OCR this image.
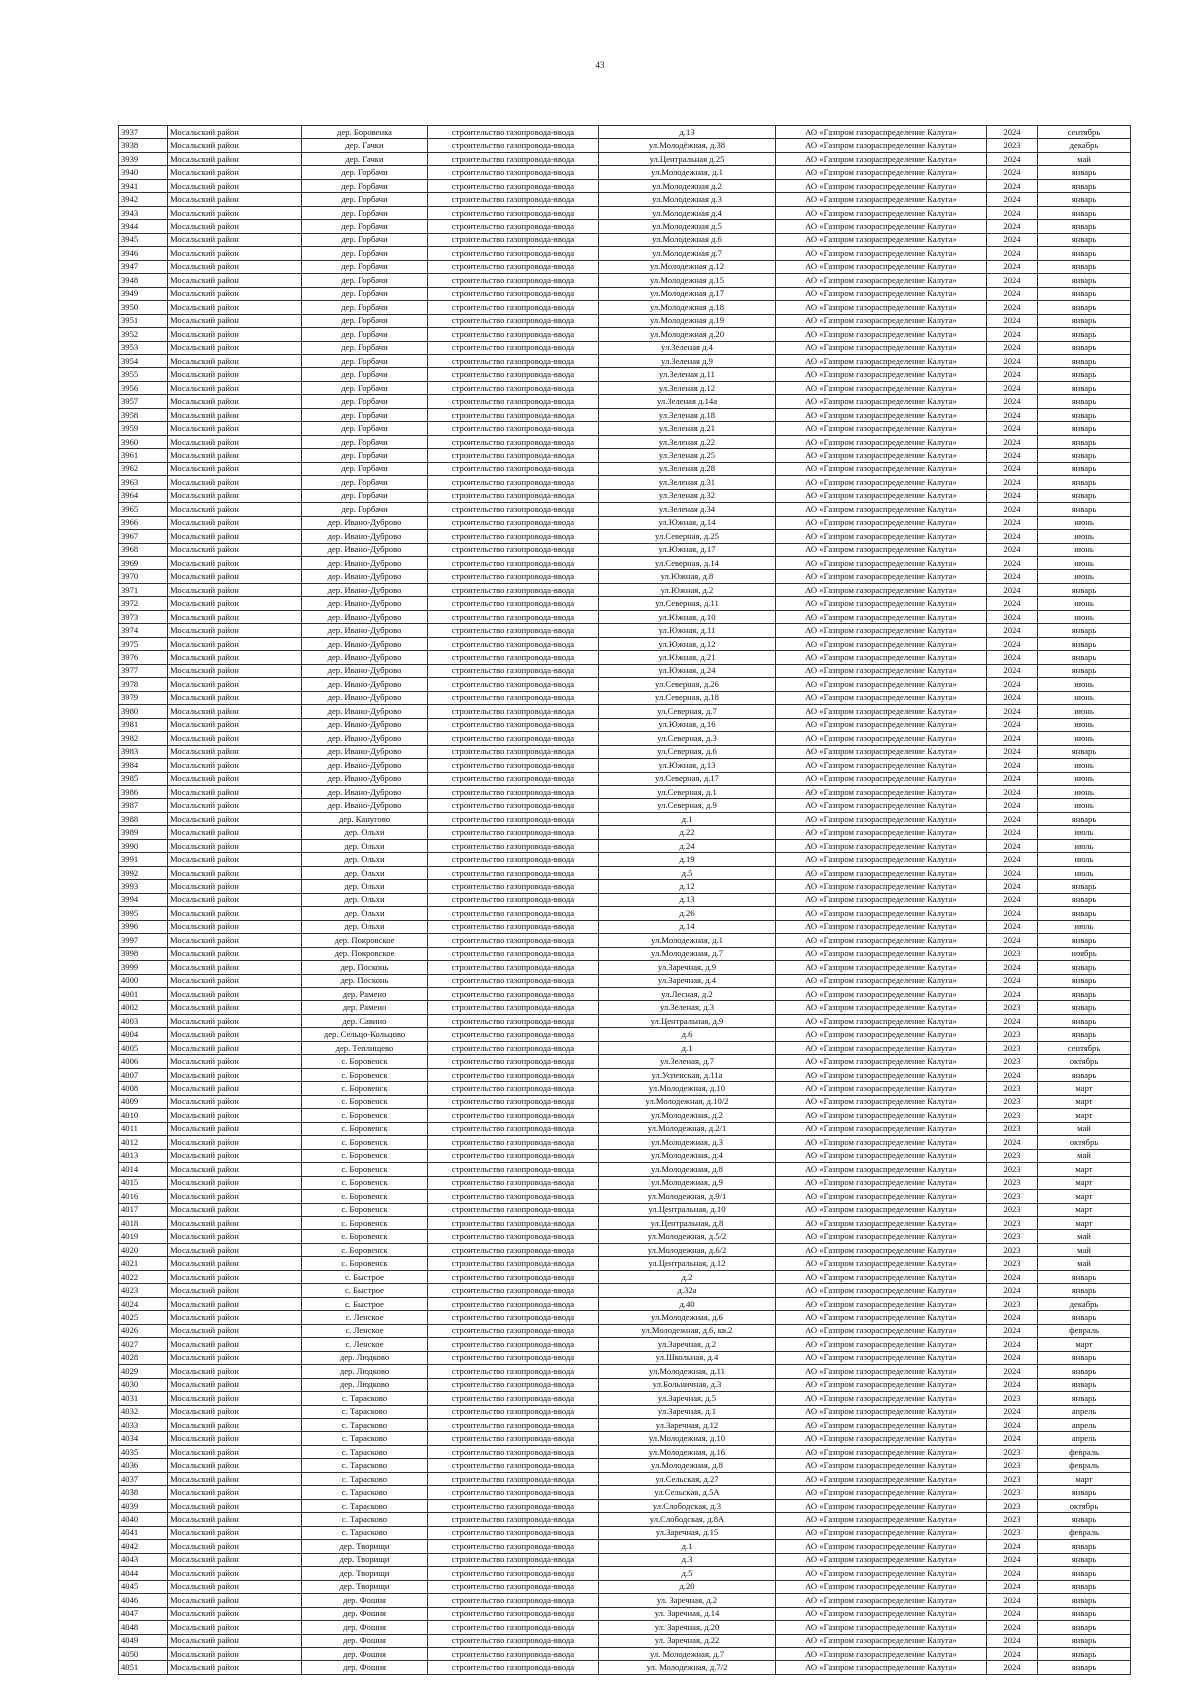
43
3937	Мосальский район	дер. Боровенка	строительство газопровода-ввода	д.13	АО «Газпром газораспределение Калуга»	2024	сентябрь
3938	Мосальский район	дер. Гачки	строительство газопровода-ввода	ул.Молодёжная, д.38	АО «Газпром газораспределение Калуга»	2023	декабрь
3939	Мосальский район	дер. Гачки	строительство газопровода-ввода	ул.Центральная д.25	АО «Газпром газораспределение Калуга»	2024	май
3940	Мосальский район	дер. Горбачи	строительство газопровода-ввода	ул.Молодежная, д.1	АО «Газпром газораспределение Калуга»	2024	январь
3941	Мосальский район	дер. Горбачи	строительство газопровода-ввода	ул.Молодежная д.2	АО «Газпром газораспределение Калуга»	2024	январь
3942	Мосальский район	дер. Горбачи	строительство газопровода-ввода	ул.Молодежная д.3	АО «Газпром газораспределение Калуга»	2024	январь
3943	Мосальский район	дер. Горбачи	строительство газопровода-ввода	ул.Молодежная д.4	АО «Газпром газораспределение Калуга»	2024	январь
3944	Мосальский район	дер. Горбачи	строительство газопровода-ввода	ул.Молодежная д.5	АО «Газпром газораспределение Калуга»	2024	январь
3945	Мосальский район	дер. Горбачи	строительство газопровода-ввода	ул.Молодежная д.6	АО «Газпром газораспределение Калуга»	2024	январь
3946	Мосальский район	дер. Горбачи	строительство газопровода-ввода	ул.Молодежная д.7	АО «Газпром газораспределение Калуга»	2024	январь
3947	Мосальский район	дер. Горбачи	строительство газопровода-ввода	ул.Молодежная д.12	АО «Газпром газораспределение Калуга»	2024	январь
3948	Мосальский район	дер. Горбачи	строительство газопровода-ввода	ул.Молодежная д.15	АО «Газпром газораспределение Калуга»	2024	январь
3949	Мосальский район	дер. Горбачи	строительство газопровода-ввода	ул.Молодежная д.17	АО «Газпром газораспределение Калуга»	2024	январь
3950	Мосальский район	дер. Горбачи	строительство газопровода-ввода	ул.Молодежная д.18	АО «Газпром газораспределение Калуга»	2024	январь
3951	Мосальский район	дер. Горбачи	строительство газопровода-ввода	ул.Молодежная д.19	АО «Газпром газораспределение Калуга»	2024	январь
3952	Мосальский район	дер. Горбачи	строительство газопровода-ввода	ул.Молодежная д.20	АО «Газпром газораспределение Калуга»	2024	январь
3953	Мосальский район	дер. Горбачи	строительство газопровода-ввода	ул.Зеленая д.4	АО «Газпром газораспределение Калуга»	2024	январь
3954	Мосальский район	дер. Горбачи	строительство газопровода-ввода	ул.Зеленая д.9	АО «Газпром газораспределение Калуга»	2024	январь
3955	Мосальский район	дер. Горбачи	строительство газопровода-ввода	ул.Зеленая д.11	АО «Газпром газораспределение Калуга»	2024	январь
3956	Мосальский район	дер. Горбачи	строительство газопровода-ввода	ул.Зеленая д.12	АО «Газпром газораспределение Калуга»	2024	январь
3957	Мосальский район	дер. Горбачи	строительство газопровода-ввода	ул.Зеленая д.14а	АО «Газпром газораспределение Калуга»	2024	январь
3958	Мосальский район	дер. Горбачи	строительство газопровода-ввода	ул.Зеленая д.18	АО «Газпром газораспределение Калуга»	2024	январь
3959	Мосальский район	дер. Горбачи	строительство газопровода-ввода	ул.Зеленая д.21	АО «Газпром газораспределение Калуга»	2024	январь
3960	Мосальский район	дер. Горбачи	строительство газопровода-ввода	ул.Зеленая д.22	АО «Газпром газораспределение Калуга»	2024	январь
3961	Мосальский район	дер. Горбачи	строительство газопровода-ввода	ул.Зеленая д.25	АО «Газпром газораспределение Калуга»	2024	январь
3962	Мосальский район	дер. Горбачи	строительство газопровода-ввода	ул.Зеленая д.28	АО «Газпром газораспределение Калуга»	2024	январь
3963	Мосальский район	дер. Горбачи	строительство газопровода-ввода	ул.Зеленая д.31	АО «Газпром газораспределение Калуга»	2024	январь
3964	Мосальский район	дер. Горбачи	строительство газопровода-ввода	ул.Зеленая д.32	АО «Газпром газораспределение Калуга»	2024	январь
3965	Мосальский район	дер. Горбачи	строительство газопровода-ввода	ул.Зеленая д.34	АО «Газпром газораспределение Калуга»	2024	январь
3966	Мосальский район	дер. Ивано-Дуброво	строительство газопровода-ввода	ул.Южная, д.14	АО «Газпром газораспределение Калуга»	2024	июнь
3967	Мосальский район	дер. Ивано-Дуброво	строительство газопровода-ввода	ул.Северная, д.25	АО «Газпром газораспределение Калуга»	2024	июнь
3968	Мосальский район	дер. Ивано-Дуброво	строительство газопровода-ввода	ул.Южная, д.17	АО «Газпром газораспределение Калуга»	2024	июнь
3969	Мосальский район	дер. Ивано-Дуброво	строительство газопровода-ввода	ул.Северная, д.14	АО «Газпром газораспределение Калуга»	2024	июнь
3970	Мосальский район	дер. Ивано-Дуброво	строительство газопровода-ввода	ул.Южная, д.8	АО «Газпром газораспределение Калуга»	2024	июнь
3971	Мосальский район	дер. Ивано-Дуброво	строительство газопровода-ввода	ул.Южная, д.2	АО «Газпром газораспределение Калуга»	2024	январь
3972	Мосальский район	дер. Ивано-Дуброво	строительство газопровода-ввода	ул.Северная, д.11	АО «Газпром газораспределение Калуга»	2024	июнь
3973	Мосальский район	дер. Ивано-Дуброво	строительство газопровода-ввода	ул.Южная, д.10	АО «Газпром газораспределение Калуга»	2024	июнь
3974	Мосальский район	дер. Ивано-Дуброво	строительство газопровода-ввода	ул.Южная, д.11	АО «Газпром газораспределение Калуга»	2024	январь
3975	Мосальский район	дер. Ивано-Дуброво	строительство газопровода-ввода	ул.Южная, д.12	АО «Газпром газораспределение Калуга»	2024	январь
3976	Мосальский район	дер. Ивано-Дуброво	строительство газопровода-ввода	ул.Южная, д.21	АО «Газпром газораспределение Калуга»	2024	январь
3977	Мосальский район	дер. Ивано-Дуброво	строительство газопровода-ввода	ул.Южная, д.24	АО «Газпром газораспределение Калуга»	2024	январь
3978	Мосальский район	дер. Ивано-Дуброво	строительство газопровода-ввода	ул.Северная, д.26	АО «Газпром газораспределение Калуга»	2024	июнь
3979	Мосальский район	дер. Ивано-Дуброво	строительство газопровода-ввода	ул.Северная, д.18	АО «Газпром газораспределение Калуга»	2024	июнь
3980	Мосальский район	дер. Ивано-Дуброво	строительство газопровода-ввода	ул.Северная, д.7	АО «Газпром газораспределение Калуга»	2024	июнь
3981	Мосальский район	дер. Ивано-Дуброво	строительство газопровода-ввода	ул.Южная, д.16	АО «Газпром газораспределение Калуга»	2024	июнь
3982	Мосальский район	дер. Ивано-Дуброво	строительство газопровода-ввода	ул.Северная, д.3	АО «Газпром газораспределение Калуга»	2024	июнь
3983	Мосальский район	дер. Ивано-Дуброво	строительство газопровода-ввода	ул.Северная, д.6	АО «Газпром газораспределение Калуга»	2024	январь
3984	Мосальский район	дер. Ивано-Дуброво	строительство газопровода-ввода	ул.Южная, д.13	АО «Газпром газораспределение Калуга»	2024	июнь
3985	Мосальский район	дер. Ивано-Дуброво	строительство газопровода-ввода	ул.Северная, д.17	АО «Газпром газораспределение Калуга»	2024	июнь
3986	Мосальский район	дер. Ивано-Дуброво	строительство газопровода-ввода	ул.Северная, д.1	АО «Газпром газораспределение Калуга»	2024	июнь
3987	Мосальский район	дер. Ивано-Дуброво	строительство газопровода-ввода	ул.Северная, д.9	АО «Газпром газораспределение Калуга»	2024	июнь
3988	Мосальский район	дер. Канугово	строительство газопровода-ввода	д.1	АО «Газпром газораспределение Калуга»	2024	январь
3989	Мосальский район	дер. Ольхи	строительство газопровода-ввода	д.22	АО «Газпром газораспределение Калуга»	2024	июль
3990	Мосальский район	дер. Ольхи	строительство газопровода-ввода	д.24	АО «Газпром газораспределение Калуга»	2024	июль
3991	Мосальский район	дер. Ольхи	строительство газопровода-ввода	д.19	АО «Газпром газораспределение Калуга»	2024	июль
3992	Мосальский район	дер. Ольхи	строительство газопровода-ввода	д.5	АО «Газпром газораспределение Калуга»	2024	июль
3993	Мосальский район	дер. Ольхи	строительство газопровода-ввода	д.12	АО «Газпром газораспределение Калуга»	2024	январь
3994	Мосальский район	дер. Ольхи	строительство газопровода-ввода	д.13	АО «Газпром газораспределение Калуга»	2024	январь
3995	Мосальский район	дер. Ольхи	строительство газопровода-ввода	д.26	АО «Газпром газораспределение Калуга»	2024	январь
3996	Мосальский район	дер. Ольхи	строительство газопровода-ввода	д.14	АО «Газпром газораспределение Калуга»	2024	июль
3997	Мосальский район	дер. Покровское	строительство газопровода-ввода	ул.Молодежная, д.1	АО «Газпром газораспределение Калуга»	2024	январь
3998	Мосальский район	дер. Покровское	строительство газопровода-ввода	ул.Молодежная, д.7	АО «Газпром газораспределение Калуга»	2023	ноябрь
3999	Мосальский район	дер. Посконь	строительство газопровода-ввода	ул.Заречная, д.9	АО «Газпром газораспределение Калуга»	2024	январь
4000	Мосальский район	дер. Посконь	строительство газопровода-ввода	ул.Заречная, д.4	АО «Газпром газораспределение Калуга»	2024	январь
4001	Мосальский район	дер. Рамено	строительство газопровода-ввода	ул.Лесная, д.2	АО «Газпром газораспределение Калуга»	2024	январь
4002	Мосальский район	дер. Рамено	строительство газопровода-ввода	ул.Зеленая, д.3	АО «Газпром газораспределение Калуга»	2023	январь
4003	Мосальский район	дер. Савино	строительство газопровода-ввода	ул.Центральная, д.9	АО «Газпром газораспределение Калуга»	2024	январь
4004	Мосальский район	дер. Сельцо-Кольцово	строительство газопровода-ввода	д.6	АО «Газпром газораспределение Калуга»	2023	январь
4005	Мосальский район	дер. Теплищево	строительство газопровода-ввода	д.1	АО «Газпром газораспределение Калуга»	2023	сентябрь
4006	Мосальский район	с. Боровенск	строительство газопровода-ввода	ул.Зеленая, д.7	АО «Газпром газораспределение Калуга»	2023	октябрь
4007	Мосальский район	с. Боровенск	строительство газопровода-ввода	ул.Успенская, д.11а	АО «Газпром газораспределение Калуга»	2024	январь
4008	Мосальский район	с. Боровенск	строительство газопровода-ввода	ул.Молодежная, д.10	АО «Газпром газораспределение Калуга»	2023	март
4009	Мосальский район	с. Боровенск	строительство газопровода-ввода	ул.Молодежная, д.10/2	АО «Газпром газораспределение Калуга»	2023	март
4010	Мосальский район	с. Боровенск	строительство газопровода-ввода	ул.Молодежная, д.2	АО «Газпром газораспределение Калуга»	2023	март
4011	Мосальский район	с. Боровенск	строительство газопровода-ввода	ул.Молодежная, д.2/1	АО «Газпром газораспределение Калуга»	2023	май
4012	Мосальский район	с. Боровенск	строительство газопровода-ввода	ул.Молодежная, д.3	АО «Газпром газораспределение Калуга»	2024	октябрь
4013	Мосальский район	с. Боровенск	строительство газопровода-ввода	ул.Молодежная, д.4	АО «Газпром газораспределение Калуга»	2023	май
4014	Мосальский район	с. Боровенск	строительство газопровода-ввода	ул.Молодежная, д.8	АО «Газпром газораспределение Калуга»	2023	март
4015	Мосальский район	с. Боровенск	строительство газопровода-ввода	ул.Молодежная, д.9	АО «Газпром газораспределение Калуга»	2023	март
4016	Мосальский район	с. Боровенск	строительство газопровода-ввода	ул.Молодежная, д.9/1	АО «Газпром газораспределение Калуга»	2023	март
4017	Мосальский район	с. Боровенск	строительство газопровода-ввода	ул.Центральная, д.10	АО «Газпром газораспределение Калуга»	2023	март
4018	Мосальский район	с. Боровенск	строительство газопровода-ввода	ул.Центральная, д.8	АО «Газпром газораспределение Калуга»	2023	март
4019	Мосальский район	с. Боровенск	строительство газопровода-ввода	ул.Молодежная, д.5/2	АО «Газпром газораспределение Калуга»	2023	май
4020	Мосальский район	с. Боровенск	строительство газопровода-ввода	ул.Молодежная, д.6/2	АО «Газпром газораспределение Калуга»	2023	май
4021	Мосальский район	с. Боровенск	строительство газопровода-ввода	ул.Центральная, д.12	АО «Газпром газораспределение Калуга»	2023	май
4022	Мосальский район	с. Быстрое	строительство газопровода-ввода	д.2	АО «Газпром газораспределение Калуга»	2024	январь
4023	Мосальский район	с. Быстрое	строительство газопровода-ввода	д.32а	АО «Газпром газораспределение Калуга»	2024	январь
4024	Мосальский район	с. Быстрое	строительство газопровода-ввода	д.40	АО «Газпром газораспределение Калуга»	2023	декабрь
4025	Мосальский район	с. Ленское	строительство газопровода-ввода	ул.Молодежная, д.6	АО «Газпром газораспределение Калуга»	2024	январь
4026	Мосальский район	с. Ленское	строительство газопровода-ввода	ул.Молодежная, д.6, кв.2	АО «Газпром газораспределение Калуга»	2024	февраль
4027	Мосальский район	с. Ленское	строительство газопровода-ввода	ул.Заречная, д.2	АО «Газпром газораспределение Калуга»	2024	март
4028	Мосальский район	дер. Людково	строительство газопровода-ввода	ул.Школьная, д.4	АО «Газпром газораспределение Калуга»	2024	январь
4029	Мосальский район	дер. Людково	строительство газопровода-ввода	ул.Молодежная, д.11	АО «Газпром газораспределение Калуга»	2024	январь
4030	Мосальский район	дер. Людково	строительство газопровода-ввода	ул.Больничная, д.3	АО «Газпром газораспределение Калуга»	2024	январь
4031	Мосальский район	с. Тарасково	строительство газопровода-ввода	ул.Заречная, д.5	АО «Газпром газораспределение Калуга»	2023	январь
4032	Мосальский район	с. Тарасково	строительство газопровода-ввода	ул.Заречная, д.1	АО «Газпром газораспределение Калуга»	2024	апрель
4033	Мосальский район	с. Тарасково	строительство газопровода-ввода	ул.Заречная, д.12	АО «Газпром газораспределение Калуга»	2024	апрель
4034	Мосальский район	с. Тарасково	строительство газопровода-ввода	ул.Молодежная, д.10	АО «Газпром газораспределение Калуга»	2024	апрель
4035	Мосальский район	с. Тарасково	строительство газопровода-ввода	ул.Молодежная, д.16	АО «Газпром газораспределение Калуга»	2023	февраль
4036	Мосальский район	с. Тарасково	строительство газопровода-ввода	ул.Молодежная, д.8	АО «Газпром газораспределение Калуга»	2023	февраль
4037	Мосальский район	с. Тарасково	строительство газопровода-ввода	ул.Сельская, д.27	АО «Газпром газораспределение Калуга»	2023	март
4038	Мосальский район	с. Тарасково	строительство газопровода-ввода	ул.Сельская, д.5А	АО «Газпром газораспределение Калуга»	2023	январь
4039	Мосальский район	с. Тарасково	строительство газопровода-ввода	ул.Слободская, д.3	АО «Газпром газораспределение Калуга»	2023	октябрь
4040	Мосальский район	с. Тарасково	строительство газопровода-ввода	ул.Слободская, д.8А	АО «Газпром газораспределение Калуга»	2023	январь
4041	Мосальский район	с. Тарасково	строительство газопровода-ввода	ул.Заречная, д.15	АО «Газпром газораспределение Калуга»	2023	февраль
4042	Мосальский район	дер. Творищи	строительство газопровода-ввода	д.1	АО «Газпром газораспределение Калуга»	2024	январь
4043	Мосальский район	дер. Творищи	строительство газопровода-ввода	д.3	АО «Газпром газораспределение Калуга»	2024	январь
4044	Мосальский район	дер. Творищи	строительство газопровода-ввода	д.5	АО «Газпром газораспределение Калуга»	2024	январь
4045	Мосальский район	дер. Творищи	строительство газопровода-ввода	д.20	АО «Газпром газораспределение Калуга»	2024	январь
4046	Мосальский район	дер. Фошня	строительство газопровода-ввода	ул. Заречная, д.2	АО «Газпром газораспределение Калуга»	2024	январь
4047	Мосальский район	дер. Фошня	строительство газопровода-ввода	ул. Заречная, д.14	АО «Газпром газораспределение Калуга»	2024	январь
4048	Мосальский район	дер. Фошня	строительство газопровода-ввода	ул. Заречная, д.20	АО «Газпром газораспределение Калуга»	2024	январь
4049	Мосальский район	дер. Фошня	строительство газопровода-ввода	ул. Заречная, д.22	АО «Газпром газораспределение Калуга»	2024	январь
4050	Мосальский район	дер. Фошня	строительство газопровода-ввода	ул. Молодежная, д.7	АО «Газпром газораспределение Калуга»	2024	январь
4051	Мосальский район	дер. Фошня	строительство газопровода-ввода	ул. Молодежная, д.7/2	АО «Газпром газораспределение Калуга»	2024	январь
